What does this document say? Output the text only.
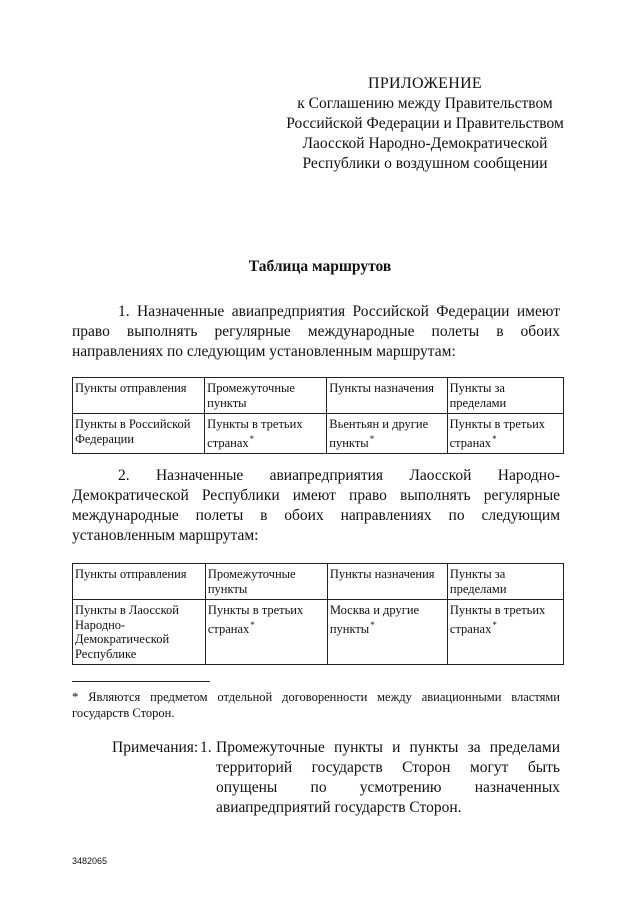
ПРИЛОЖЕНИЕ
к Соглашению между Правительством
Российской Федерации и Правительством
Лаосской Народно-Демократической
Республики о воздушном сообщении
Таблица маршрутов
1. Назначенные авиапредприятия Российской Федерации имеют право выполнять регулярные международные полеты в обоих направлениях по следующим установленным маршрутам:
Пункты отправления	Промежуточные пункты	Пункты назначения	Пункты за пределами
Пункты в Российской Федерации	Пункты в третьих странах*	Вьентьян и другие пункты*	Пункты в третьих странах*
2. Назначенные авиапредприятия Лаосской Народно-Демократической Республики имеют право выполнять регулярные международные полеты в обоих направлениях по следующим установленным маршрутам:
Пункты отправления	Промежуточные пункты	Пункты назначения	Пункты за пределами
Пункты в Лаосской Народно-Демократической Республике	Пункты в третьих странах*	Москва и другие пункты*	Пункты в третьих странах*
* Являются предметом отдельной договоренности между авиационными властями государств Сторон.
Примечания: 1. Промежуточные пункты и пункты за пределами территорий государств Сторон могут быть опущены по усмотрению назначенных авиапредприятий государств Сторон.
3482065
